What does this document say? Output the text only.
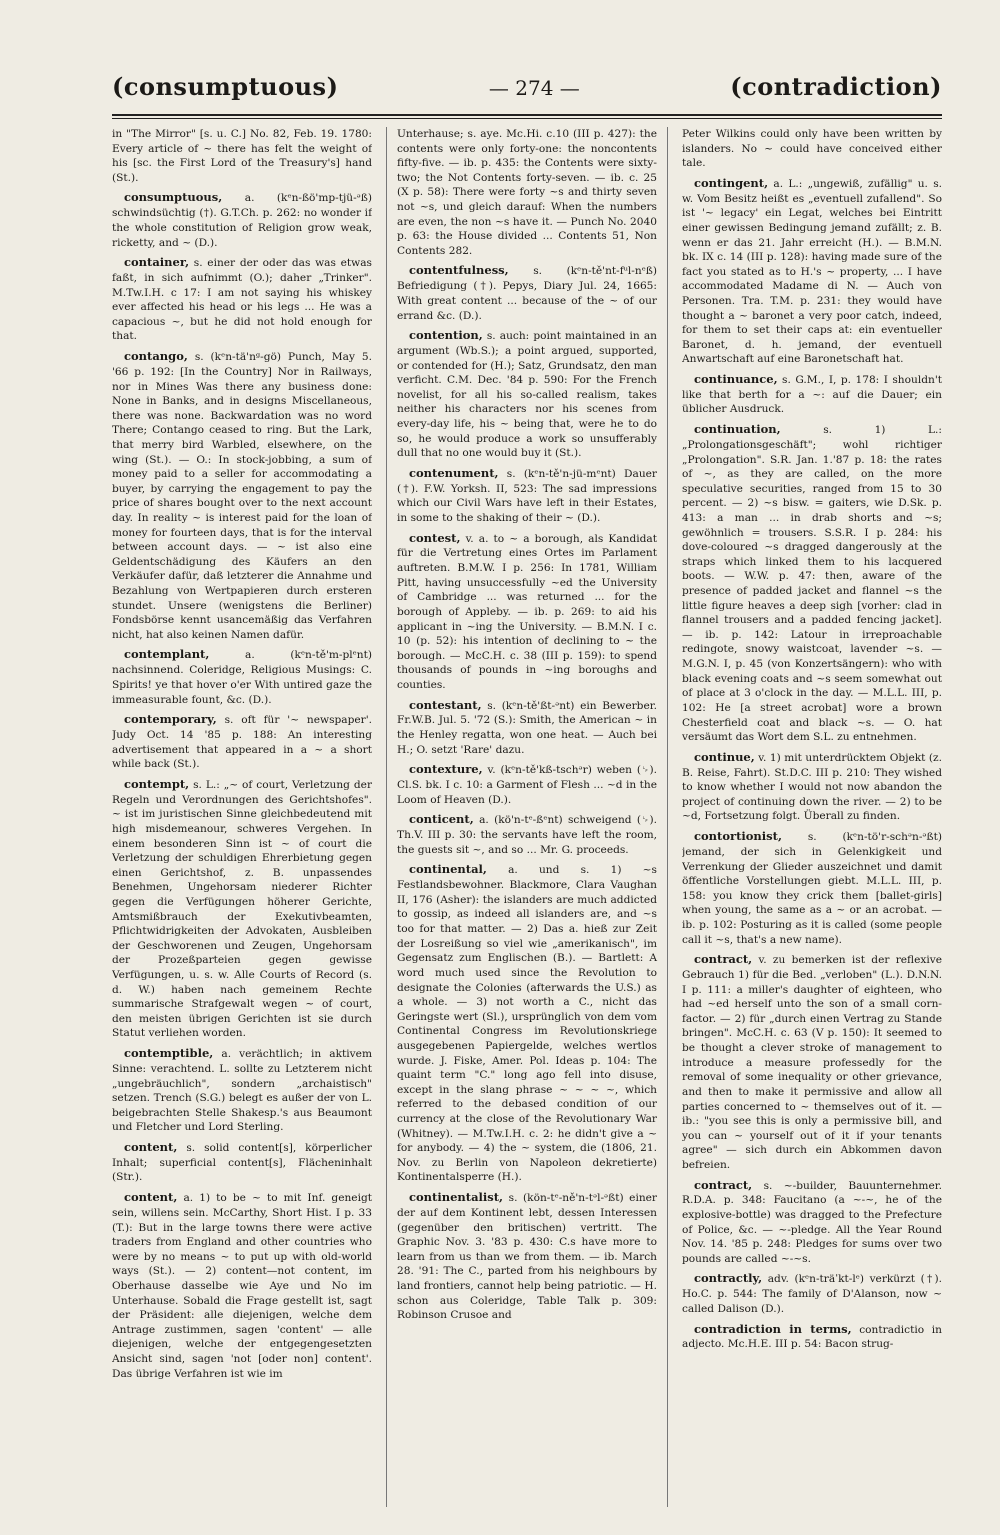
(consumptuous)	— 274 —	(contradiction)

in "The Mirror" [s. u. C.] No. 82, Feb. 19. 1780: Every article of ~ there has felt the weight of his [sc. the First Lord of the Treasury's] hand (St.).

consumptuous, a. (kᵉn-ßö'mp-tjü-ᵊß) schwindsüchtig (†). G.T.Ch. p. 262: no wonder if the whole constitution of Religion grow weak, ricketty, and ~ (D.).

container, s. einer der oder das was etwas faßt, in sich aufnimmt (O.); daher „Trinker". M.Tw.I.H. c 17: I am not saying his whiskey ever affected his head or his legs ... He was a capacious ~, but he did not hold enough for that.

contango, s. (kᵉn-tä'nᵍ-gö) Punch, May 5. '66 p. 192: [In the Country] Nor in Railways, nor in Mines Was there any business done: None in Banks, and in designs Miscellaneous, there was none. Backwardation was no word There; Contango ceased to ring. But the Lark, that merry bird Warbled, elsewhere, on the wing (St.). — O.: In stock-jobbing, a sum of money paid to a seller for accommodating a buyer, by carrying the engagement to pay the price of shares bought over to the next account day. In reality ~ is interest paid for the loan of money for fourteen days, that is for the interval between account days. — ~ ist also eine Geldentschädigung des Käufers an den Verkäufer dafür, daß letzterer die Annahme und Bezahlung von Wertpapieren durch ersteren stundet. Unsere (wenigstens die Berliner) Fondsbörse kennt usancemäßig das Verfahren nicht, hat also keinen Namen dafür.

contemplant,	a. (kᵉn-tě'm-plᵉnt) nachsinnend. Coleridge, Religious Musings: C. Spirits! ye that hover o'er With untired gaze the immeasurable fount, &c. (D.).

contemporary, s. oft für '~ newspaper'. Judy Oct. 14 '85 p. 188: An interesting advertisement that appeared in a ~ a short while back (St.).

contempt, s. L.: „~ of court, Verletzung der Regeln und Verordnungen des Gerichtshofes". ~ ist im juristischen Sinne gleichbedeutend mit high misdemeanour, schweres Vergehen. In einem besonderen Sinn ist ~ of court die Verletzung der schuldigen Ehrerbietung gegen einen Gerichtshof, z. B. unpassendes Benehmen, Ungehorsam niederer Richter gegen die Verfügungen höherer Gerichte, Amtsmißbrauch der Exekutivbeamten, Pflichtwidrigkeiten der Advokaten, Ausbleiben der Geschworenen und Zeugen, Ungehorsam der Prozeßparteien gegen gewisse Verfügungen, u. s. w. Alle Courts of Record (s. d. W.) haben nach gemeinem Rechte summarische Strafgewalt wegen ~ of court, den meisten übrigen Gerichten ist sie durch Statut verliehen worden.

contemptible, a. verächtlich; in aktivem Sinne: verachtend. L. sollte zu Letzterem nicht „ungebräuchlich", sondern „archaistisch" setzen. Trench (S.G.) belegt es außer der von L. beigebrachten Stelle Shakesp.'s aus Beaumont und Fletcher und Lord Sterling.

content, s. solid content[s], körperlicher Inhalt; superficial content[s], Flächeninhalt (Str.).

content, a. 1) to be ~ to mit Inf. geneigt sein, willens sein. McCarthy, Short Hist. I p. 33 (T.): But in the large towns there were active traders from England and other countries who were by no means ~ to put up with old-world ways (St.). — 2) content—not content, im Oberhause dasselbe wie Aye und No im Unterhause. Sobald die Frage gestellt ist, sagt der Präsident: alle diejenigen, welche dem Antrage zustimmen, sagen 'content' — alle diejenigen, welche der entgegengesetzten Ansicht sind, sagen 'not [oder non] content'. Das übrige Verfahren ist wie im

Unterhause; s. aye. Mc.Hi. c.10 (III p. 427): the contents were only forty-one: the noncontents fifty-five. — ib. p. 435: the Contents were sixty-two; the Not Contents forty-seven. — ib. c. 25 (X p. 58): There were forty ~s and thirty seven not ~s, und gleich darauf: When the numbers are even, the non ~s have it. — Punch No. 2040 p. 63: the House divided ... Contents 51, Non Contents 282.

contentfulness, s. (kᵉn-tě'nt-fᵘl-nᵉß) Befriedigung (†). Pepys, Diary Jul. 24, 1665: With great content ... because of the ~ of our errand &c. (D.).

contention, s. auch: point maintained in an argument (Wb.S.); a point argued, supported, or contended for (H.); Satz, Grundsatz, den man verficht. C.M. Dec. '84 p. 590: For the French novelist, for all his so-called realism, takes neither his characters nor his scenes from every-day life, his ~ being that, were he to do so, he would produce a work so unsufferably dull that no one would buy it (St.).

contenument, s. (kᵉn-tě'n-jü-mᵉnt) Dauer (†). F.W. Yorksh. II, 523: The sad impressions which our Civil Wars have left in their Estates, in some to the shaking of their ~ (D.).

contest, v. a. to ~ a borough, als Kandidat für die Vertretung eines Ortes im Parlament auftreten. B.M.W. I p. 256: In 1781, William Pitt, having unsuccessfully ~ed the University of Cambridge ... was returned ... for the borough of Appleby. — ib. p. 269: to aid his applicant in ~ing the University. — B.M.N. I c. 10 (p. 52): his intention of declining to ~ the borough. — McC.H. c. 38 (III p. 159): to spend thousands of pounds in ~ing boroughs and counties.

contestant, s. (kᵉn-tě'ßt-ᵊnt) ein Bewerber. Fr.W.B. Jul. 5. '72 (S.): Smith, the American ~ in the Henley regatta, won one heat. — Auch bei H.; O. setzt 'Rare' dazu.

contexture, v. (kᵉn-tě'kß-tschᵊr) weben (␊). Cl.S. bk. I c. 10: a Garment of Flesh ... ~d in the Loom of Heaven (D.).

conticent, a. (kö'n-tᵉ-ßᵉnt) schweigend (␊). Th.V. III p. 30: the servants have left the room, the guests sit ~, and so ... Mr. G. proceeds.

continental, a. und s. 1) ~s Festlandsbewohner. Blackmore, Clara Vaughan II, 176 (Asher): the islanders are much addicted to gossip, as indeed all islanders are, and ~s too for that matter. — 2) Das a. hieß zur Zeit der Losreißung so viel wie „amerikanisch", im Gegensatz zum Englischen (B.). — Bartlett: A word much used since the Revolution to designate the Colonies (afterwards the U.S.) as a whole. — 3) not worth a C., nicht das Geringste wert (Sl.), ursprünglich von dem vom Continental Congress im Revolutionskriege ausgegebenen Papiergelde, welches wertlos wurde. J. Fiske, Amer. Pol. Ideas p. 104: The quaint term "C." long ago fell into disuse, except in the slang phrase ~ ~ ~ ~, which referred to the debased condition of our currency at the close of the Revolutionary War (Whitney). — M.Tw.I.H. c. 2: he didn't give a ~ for anybody. — 4) the ~ system, die (1806, 21. Nov. zu Berlin von Napoleon dekretierte) Kontinentalsperre (H.).

continentalist, s. (kön-tᵉ-ně'n-tᵊl-ᵊßt) einer der auf dem Kontinent lebt, dessen Interessen (gegenüber den britischen) vertritt. The Graphic Nov. 3. '83 p. 430: C.s have more to learn from us than we from them. — ib. March 28. '91: The C., parted from his neighbours by land frontiers, cannot help being patriotic. — H. schon aus Coleridge, Table Talk p. 309: Robinson Crusoe and

Peter Wilkins could only have been written by islanders. No ~ could have conceived either tale.

contingent, a. L.: „ungewiß, zufällig" u. s. w. Vom Besitz heißt es „eventuell zufallend". So ist '~ legacy' ein Legat, welches bei Eintritt einer gewissen Bedingung jemand zufällt; z. B. wenn er das 21. Jahr erreicht (H.). — B.M.N. bk. IX c. 14 (III p. 128): having made sure of the fact you stated as to H.'s ~ property, ... I have accommodated Madame di N. — Auch von Personen. Tra. T.M. p. 231: they would have thought a ~ baronet a very poor catch, indeed, for them to set their caps at: ein eventueller Baronet, d. h. jemand, der eventuell Anwartschaft auf eine Baronetschaft hat.

continuance, s. G.M., I, p. 178: I shouldn't like that berth for a ~: auf die Dauer; ein üblicher Ausdruck.

continuation,	s. 1) L.: „Prolongationsgeschäft"; wohl richtiger „Prolongation". S.R. Jan. 1.'87 p. 18: the rates of ~, as they are called, on the more speculative securities, ranged from 15 to 30 percent. — 2) ~s bisw. = gaiters, wie D.Sk. p. 413: a man ... in drab shorts and ~s; gewöhnlich = trousers. S.S.R. I p. 284: his dove-coloured ~s dragged dangerously at the straps which linked them to his lacquered boots. — W.W. p. 47: then, aware of the presence of padded jacket and flannel ~s the little figure heaves a deep sigh [vorher: clad in flannel trousers and a padded fencing jacket]. — ib. p. 142: Latour in irreproachable redingote, snowy waistcoat, lavender ~s. — M.G.N. I, p. 45 (von Konzertsängern): who with black evening coats and ~s seem somewhat out of place at 3 o'clock in the day. — M.L.L. III, p. 102: He [a street acrobat] wore a brown Chesterfield coat and black ~s. — O. hat versäumt das Wort dem S.L. zu entnehmen.

continue, v. 1) mit unterdrücktem Objekt (z. B. Reise, Fahrt). St.D.C. III p. 210: They wished to know whether I would not now abandon the project of continuing down the river. — 2) to be ~d, Fortsetzung folgt. Überall zu finden.

contortionist, s. (kᵉn-tö'r-schᵊn-ᵊßt) jemand, der sich in Gelenkigkeit und Verrenkung der Glieder auszeichnet und damit öffentliche Vorstellungen giebt. M.L.L. III, p. 158: you know they crick them [ballet-girls] when young, the same as a ~ or an acrobat. — ib. p. 102: Posturing as it is called (some people call it ~s, that's a new name).

contract, v. zu bemerken ist der reflexive Gebrauch 1) für die Bed. „verloben" (L.). D.N.N. I p. 111: a miller's daughter of eighteen, who had ~ed herself unto the son of a small corn-factor. — 2) für „durch einen Vertrag zu Stande bringen". McC.H. c. 63 (V p. 150): It seemed to be thought a clever stroke of management to introduce a measure professedly for the removal of some inequality or other grievance, and then to make it permissive and allow all parties concerned to ~ themselves out of it. — ib.: "you see this is only a permissive bill, and you can ~ yourself out of it if your tenants agree" — sich durch ein Abkommen davon befreien.

contract, s. ~-builder, Bauunternehmer. R.D.A. p. 348: Faucitano (a ~-~, he of the explosive-bottle) was dragged to the Prefecture of Police, &c. — ~-pledge. All the Year Round Nov. 14. '85 p. 248: Pledges for sums over two pounds are called ~-~s.

contractly, adv. (kᵉn-träˈkt-lᵉ) verkürzt (†). Ho.C. p. 544: The family of D'Alanson, now ~ called Dalison (D.).

contradiction in terms, contradictio in adjecto. Mc.H.E. III p. 54: Bacon strug-
